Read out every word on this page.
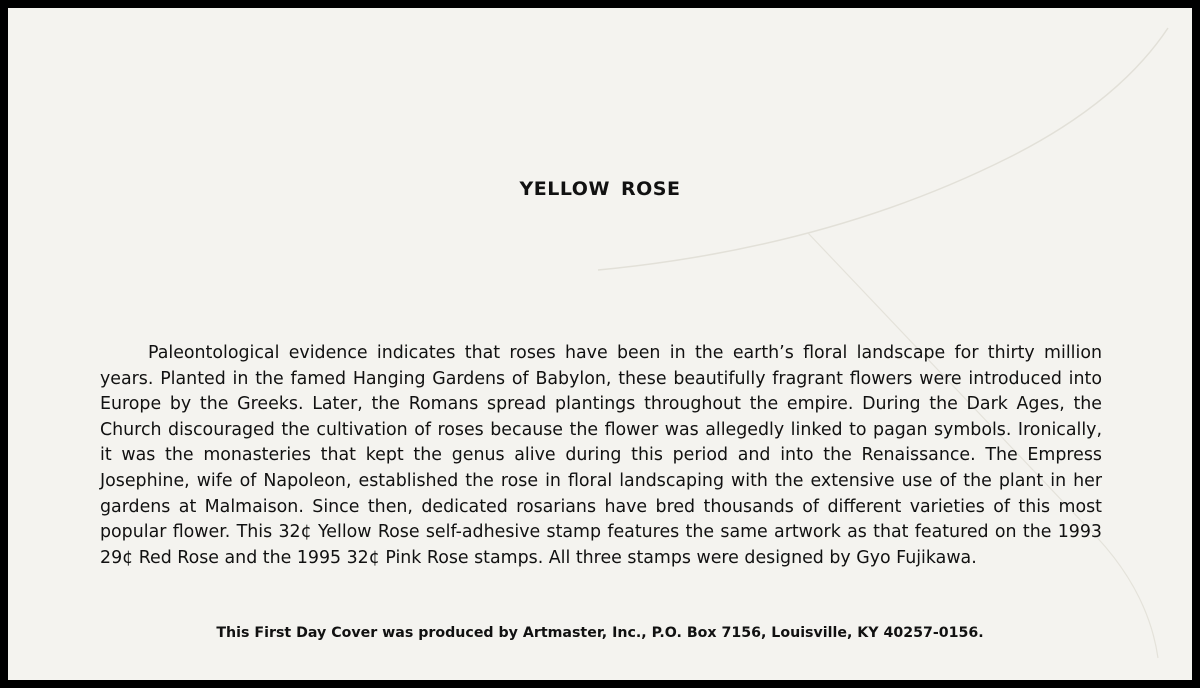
YELLOW ROSE

Paleontological evidence indicates that roses have been in the earth’s floral landscape for thirty million years. Planted in the famed Hanging Gardens of Babylon, these beautifully fragrant flowers were introduced into Europe by the Greeks. Later, the Romans spread plantings throughout the empire. During the Dark Ages, the Church discouraged the cultivation of roses because the flower was allegedly linked to pagan symbols. Ironically, it was the monasteries that kept the genus alive during this period and into the Renaissance. The Empress Josephine, wife of Napoleon, established the rose in floral landscaping with the extensive use of the plant in her gardens at Malmaison. Since then, dedicated rosarians have bred thousands of different varieties of this most popular flower. This 32¢ Yellow Rose self-adhesive stamp features the same artwork as that featured on the 1993 29¢ Red Rose and the 1995 32¢ Pink Rose stamps. All three stamps were designed by Gyo Fujikawa.

This First Day Cover was produced by Artmaster, Inc., P.O. Box 7156, Louisville, KY 40257-0156.
